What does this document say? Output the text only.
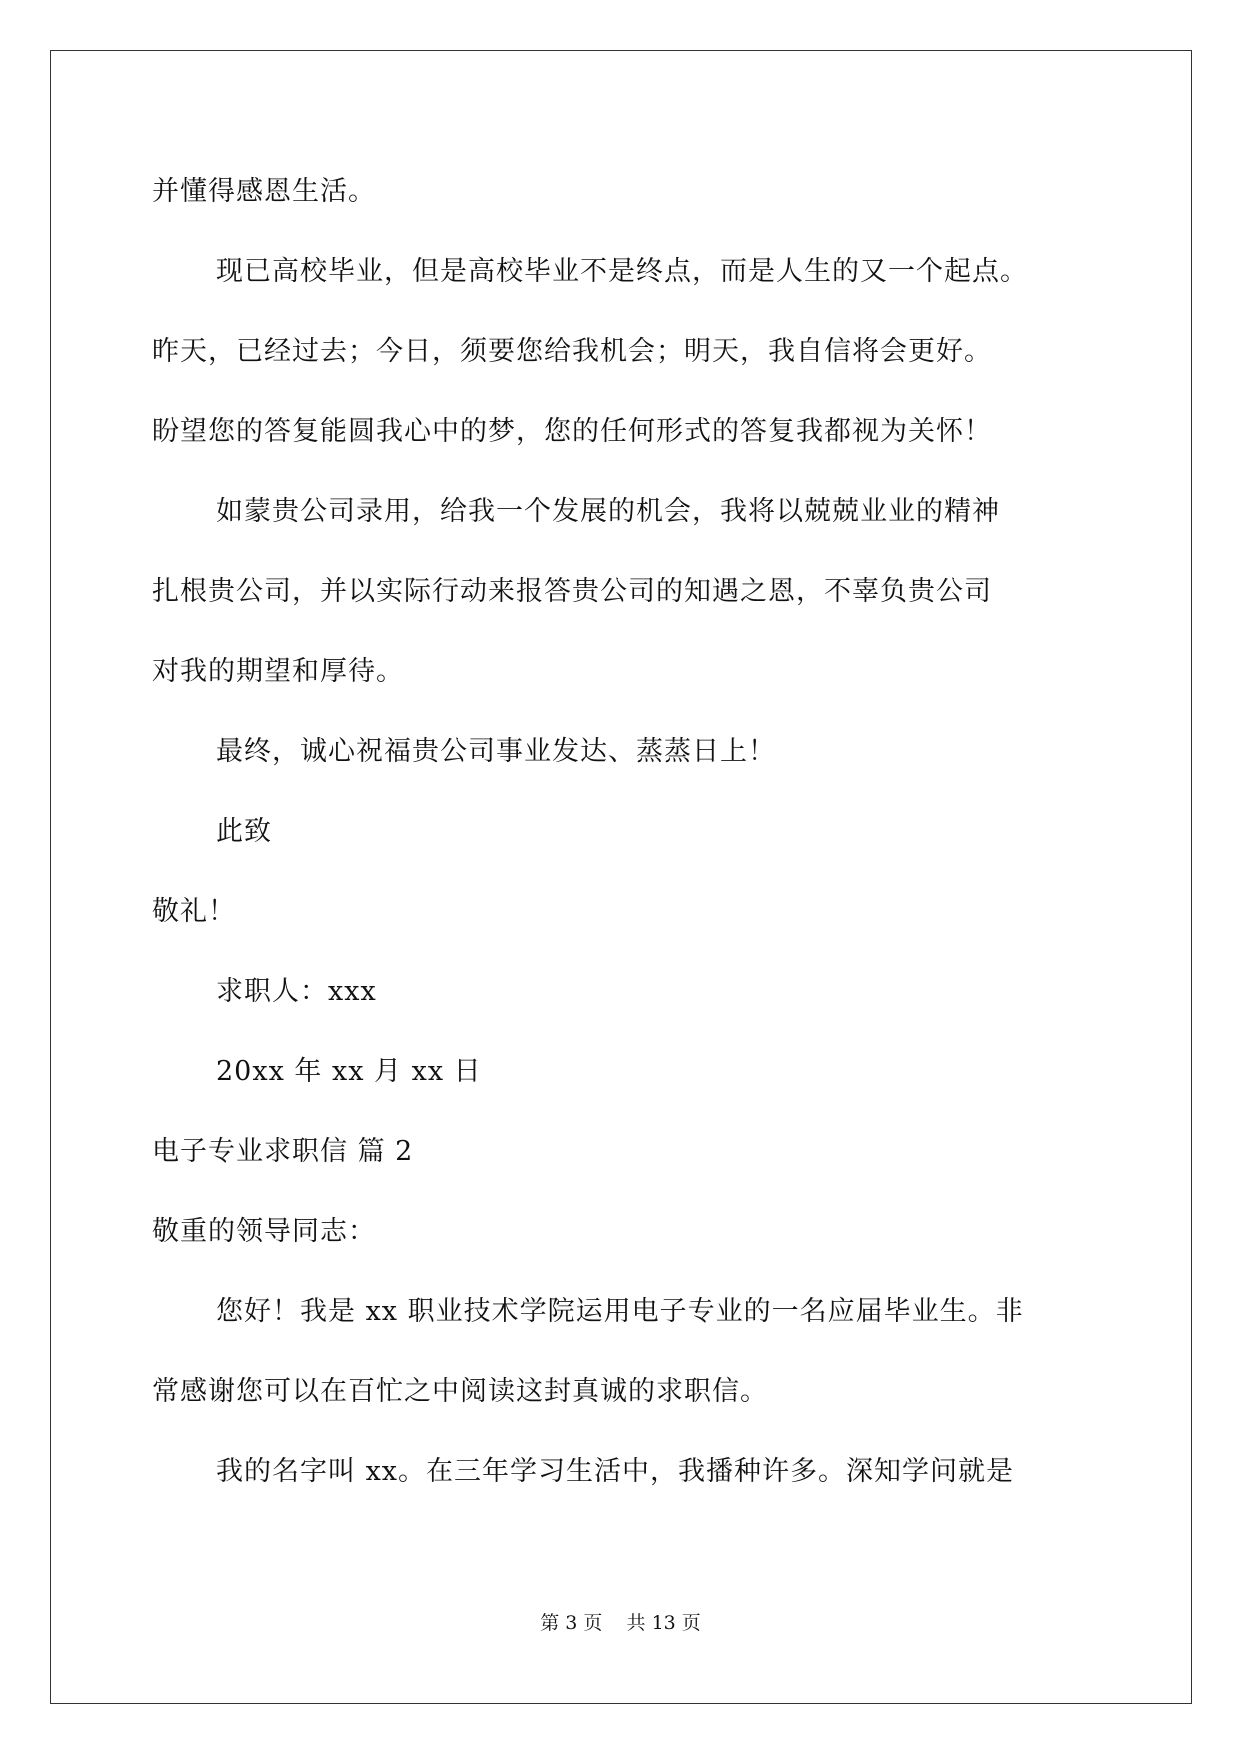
并懂得感恩生活。
现已高校毕业，但是高校毕业不是终点，而是人生的又一个起点。
昨天，已经过去；今日，须要您给我机会；明天，我自信将会更好。
盼望您的答复能圆我心中的梦，您的任何形式的答复我都视为关怀！
如蒙贵公司录用，给我一个发展的机会，我将以兢兢业业的精神
扎根贵公司，并以实际行动来报答贵公司的知遇之恩，不辜负贵公司
对我的期望和厚待。
最终，诚心祝福贵公司事业发达、蒸蒸日上！
此致
敬礼！
求职人：xxx
20xx 年 xx 月 xx 日
电子专业求职信 篇 2
敬重的领导同志：
您好！我是 xx 职业技术学院运用电子专业的一名应届毕业生。非
常感谢您可以在百忙之中阅读这封真诚的求职信。
我的名字叫 xx。在三年学习生活中，我播种许多。深知学问就是
第 3 页    共 13 页
